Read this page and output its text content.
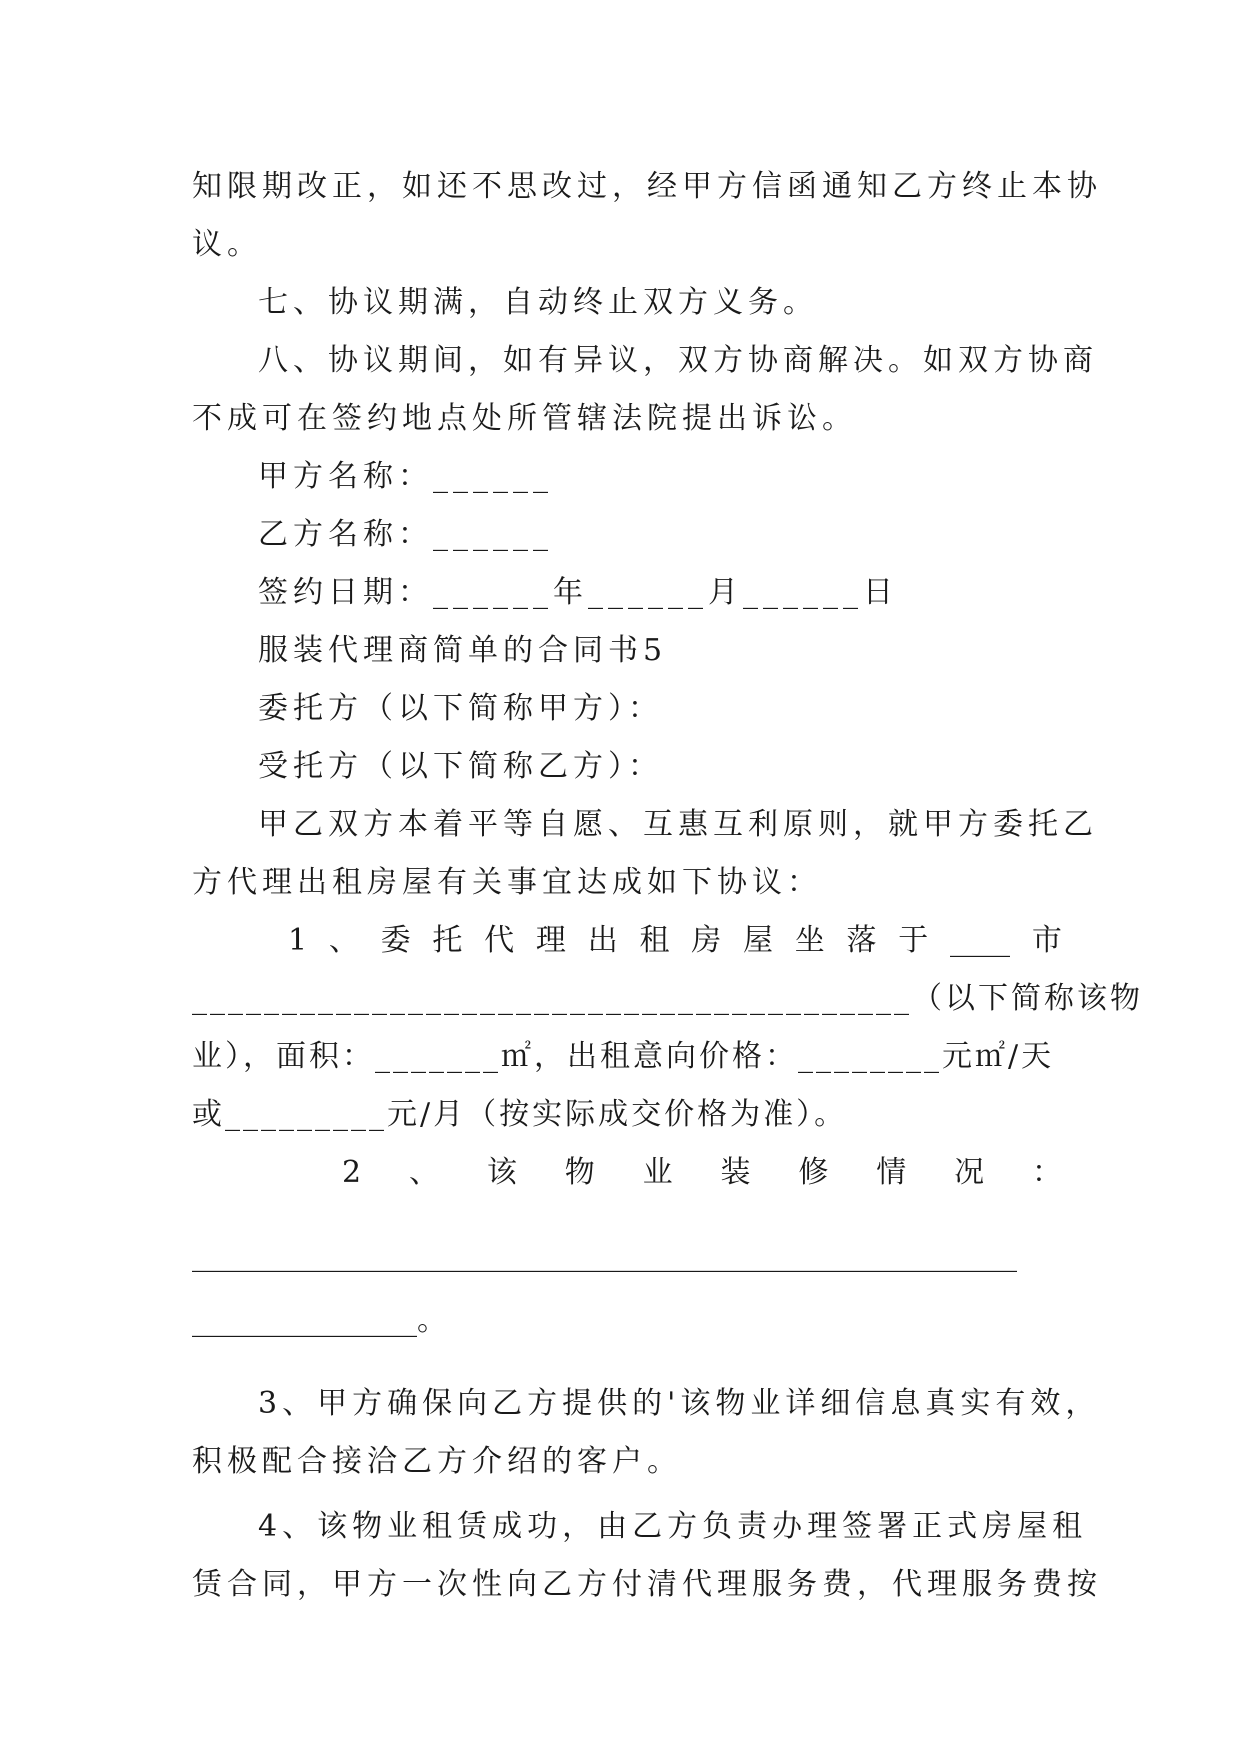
知限期改正，如还不思改过，经甲方信函通知乙方终止本协
议。
七、协议期满，自动终止双方义务。
八、协议期间，如有异议，双方协商解决。如双方协商
不成可在签约地点处所管辖法院提出诉讼。
甲方名称：______
乙方名称：______
签约日期：______年______月______日
服装代理商简单的合同书5
委托方（以下简称甲方）：
受托方（以下简称乙方）：
甲乙双方本着平等自愿、互惠互利原则，就甲方委托乙
方代理出租房屋有关事宜达成如下协议：
1 、 委 托 代 理 出 租 房 屋 坐 落 于 ____ 市
________________________________________（以下简称该物
业），面积：_______㎡，出租意向价格：________元㎡/天
或_________元/月（按实际成交价格为准）。
2 、 该 物 业 装 修 情 况 ：
_______________________________________________________
_______________。
3、甲方确保向乙方提供的'该物业详细信息真实有效，
积极配合接洽乙方介绍的客户。
4、该物业租赁成功，由乙方负责办理签署正式房屋租
赁合同，甲方一次性向乙方付清代理服务费，代理服务费按
